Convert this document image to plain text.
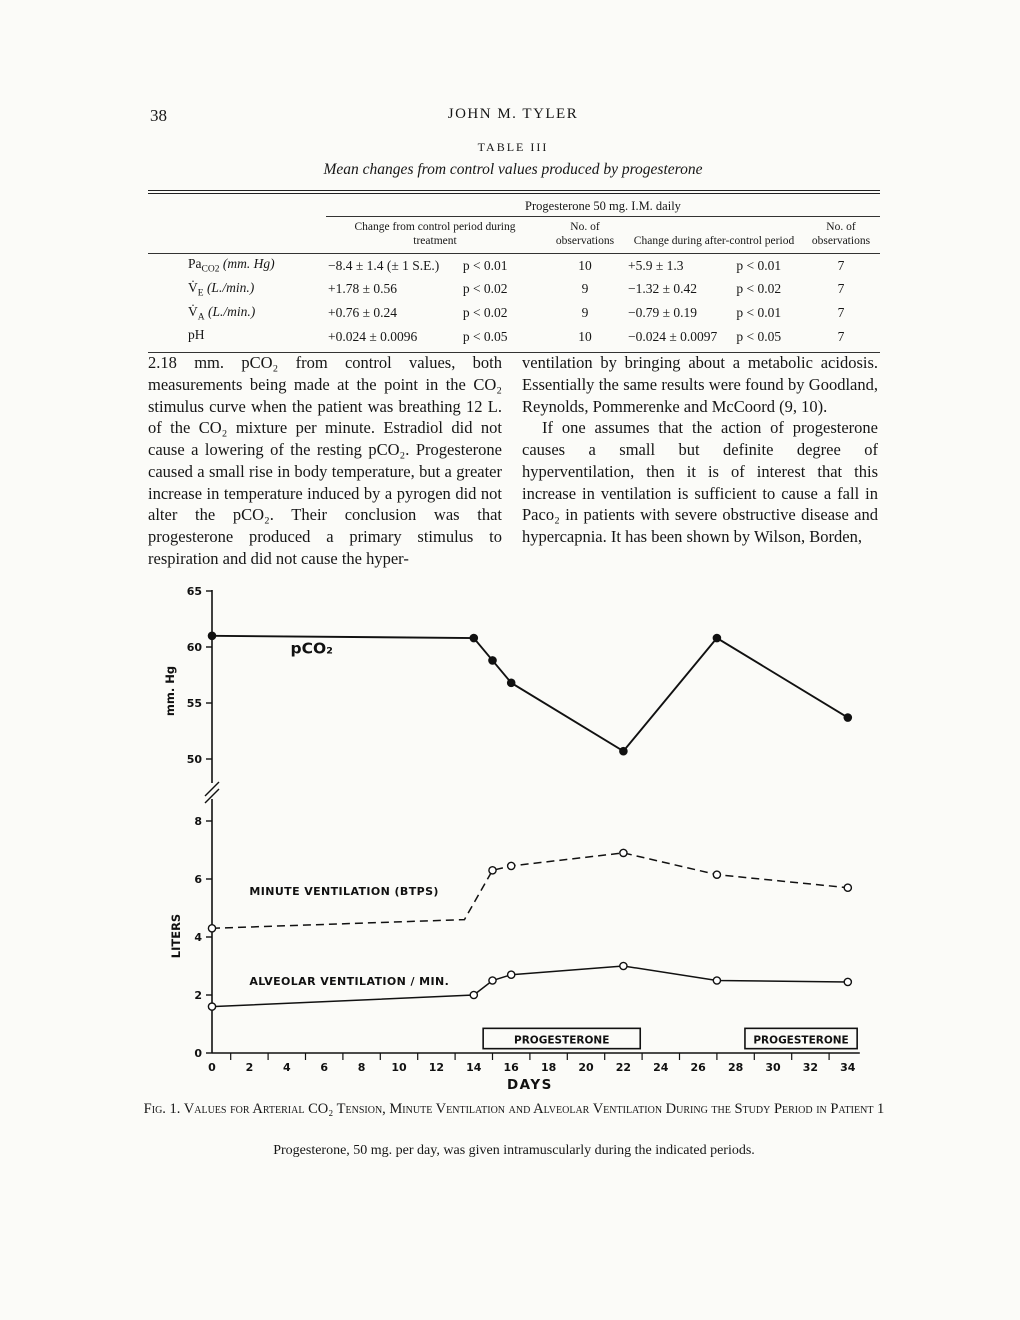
38	JOHN M. TYLER
TABLE III
Mean changes from control values produced by progesterone
	Progesterone 50 mg. I.M. daily			
	Change from control period during treatment	No. of observations	Change during after-control period	No. of observations
$Pa_{CO2}$ (mm. Hg)	−8.4 ± 1.4 (± 1 S.E.) p < 0.01	10	+5.9 ± 1.3 p < 0.01	7
$V̇_E$ (L./min.)	+1.78 ± 0.56 p < 0.02	9	−1.32 ± 0.42 p < 0.02	7
$V̇_A$ (L./min.)	+0.76 ± 0.24 p < 0.02	9	−0.79 ± 0.19 p < 0.01	7
pH	+0.024 ± 0.0096 p < 0.05	10	−0.024 ± 0.0097 p < 0.05	7
2.18 mm. pCO₂ from control values, both measurements being made at the point in the CO₂ stimulus curve when the patient was breathing 12 L. of the CO₂ mixture per minute. Estradiol did not cause a lowering of the resting pCO₂. Progesterone caused a small rise in body temperature, but a greater increase in temperature induced by a pyrogen did not alter the pCO₂. Their conclusion was that progesterone produced a primary stimulus to respiration and did not cause the hyper-

ventilation by bringing about a metabolic acidosis. Essentially the same results were found by Goodland, Reynolds, Pommerenke and McCoord (9, 10).

If one assumes that the action of progesterone causes a small but definite degree of hyperventilation, then it is of interest that this increase in ventilation is sufficient to cause a fall in Paco₂ in patients with severe obstructive disease and hypercapnia. It has been shown by Wilson, Borden,

50
55
60
65
0
2
4
6
8
0	2	4	6	8 10 12 14 16 18 20 22 24 26 28 30 32 34
mm. Hg
LITERS
DAYS
pCO₂
MINUTE VENTILATION (BTPS)
ALVEOLAR VENTILATION / MIN.
PROGESTERONE	PROGESTERONE
Fig. 1. Values for Arterial CO₂ Tension, Minute Ventilation and Alveolar Ventilation During the Study Period in Patient 1
Progesterone, 50 mg. per day, was given intramuscularly during the indicated periods.
